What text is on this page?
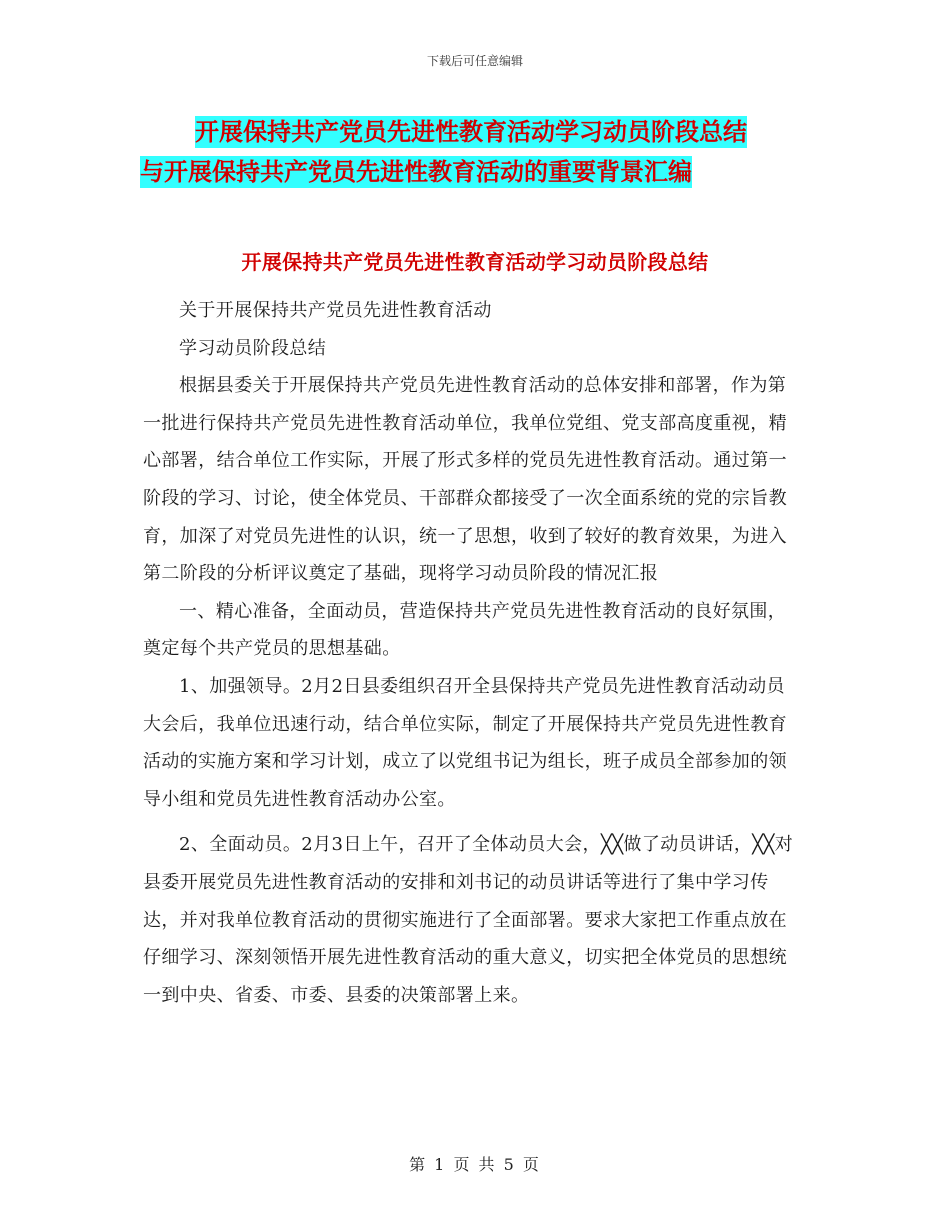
下载后可任意编辑
开展保持共产党员先进性教育活动学习动员阶段总结
与开展保持共产党员先进性教育活动的重要背景汇编
开展保持共产党员先进性教育活动学习动员阶段总结

关于开展保持共产党员先进性教育活动

学习动员阶段总结

根据县委关于开展保持共产党员先进性教育活动的总体安排和部署，作为第一批进行保持共产党员先进性教育活动单位，我单位党组、党支部高度重视，精心部署，结合单位工作实际，开展了形式多样的党员先进性教育活动。通过第一阶段的学习、讨论，使全体党员、干部群众都接受了一次全面系统的党的宗旨教育，加深了对党员先进性的认识，统一了思想，收到了较好的教育效果，为进入第二阶段的分析评议奠定了基础，现将学习动员阶段的情况汇报

一、精心准备，全面动员，营造保持共产党员先进性教育活动的良好氛围，奠定每个共产党员的思想基础。

1、加强领导。2月2日县委组织召开全县保持共产党员先进性教育活动动员大会后，我单位迅速行动，结合单位实际，制定了开展保持共产党员先进性教育活动的实施方案和学习计划，成立了以党组书记为组长，班子成员全部参加的领导小组和党员先进性教育活动办公室。

2、全面动员。2月3日上午，召开了全体动员大会，╳╳做了动员讲话，╳╳对县委开展党员先进性教育活动的安排和刘书记的动员讲话等进行了集中学习传达，并对我单位教育活动的贯彻实施进行了全面部署。要求大家把工作重点放在仔细学习、深刻领悟开展先进性教育活动的重大意义，切实把全体党员的思想统一到中央、省委、市委、县委的决策部署上来。

第 1 页 共 5 页
